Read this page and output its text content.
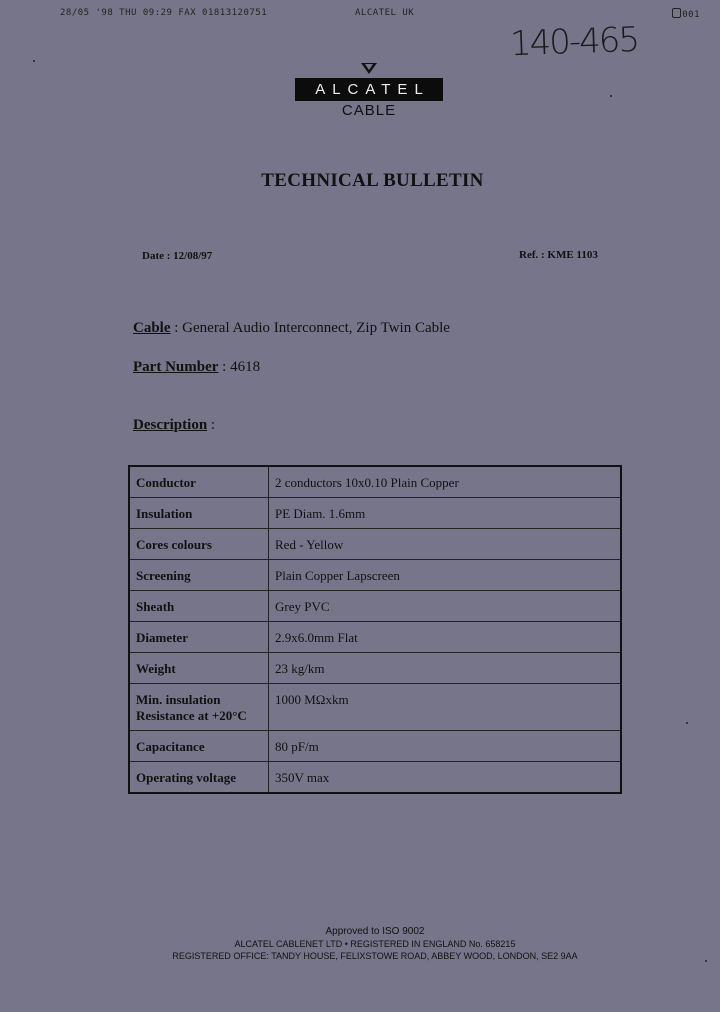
28/05 '98 THU 09:29 FAX 01813120751	ALCATEL UK	001
140-465
ALCATEL
CABLE
TECHNICAL BULLETIN
Date : 12/08/97	Ref. : KME 1103
Cable : General Audio Interconnect, Zip Twin Cable
Part Number : 4618
Description :
Conductor	2 conductors 10x0.10 Plain Copper
Insulation	PE Diam. 1.6mm
Cores colours	Red - Yellow
Screening	Plain Copper Lapscreen
Sheath	Grey PVC
Diameter	2.9x6.0mm Flat
Weight	23 kg/km
Min. insulation
Resistance at +20°C	1000 MΩxkm
Capacitance	80 pF/m
Operating voltage	350V max
Approved to ISO 9002
ALCATEL CABLENET LTD • REGISTERED IN ENGLAND No. 658215
REGISTERED OFFICE: TANDY HOUSE, FELIXSTOWE ROAD, ABBEY WOOD, LONDON, SE2 9AA
